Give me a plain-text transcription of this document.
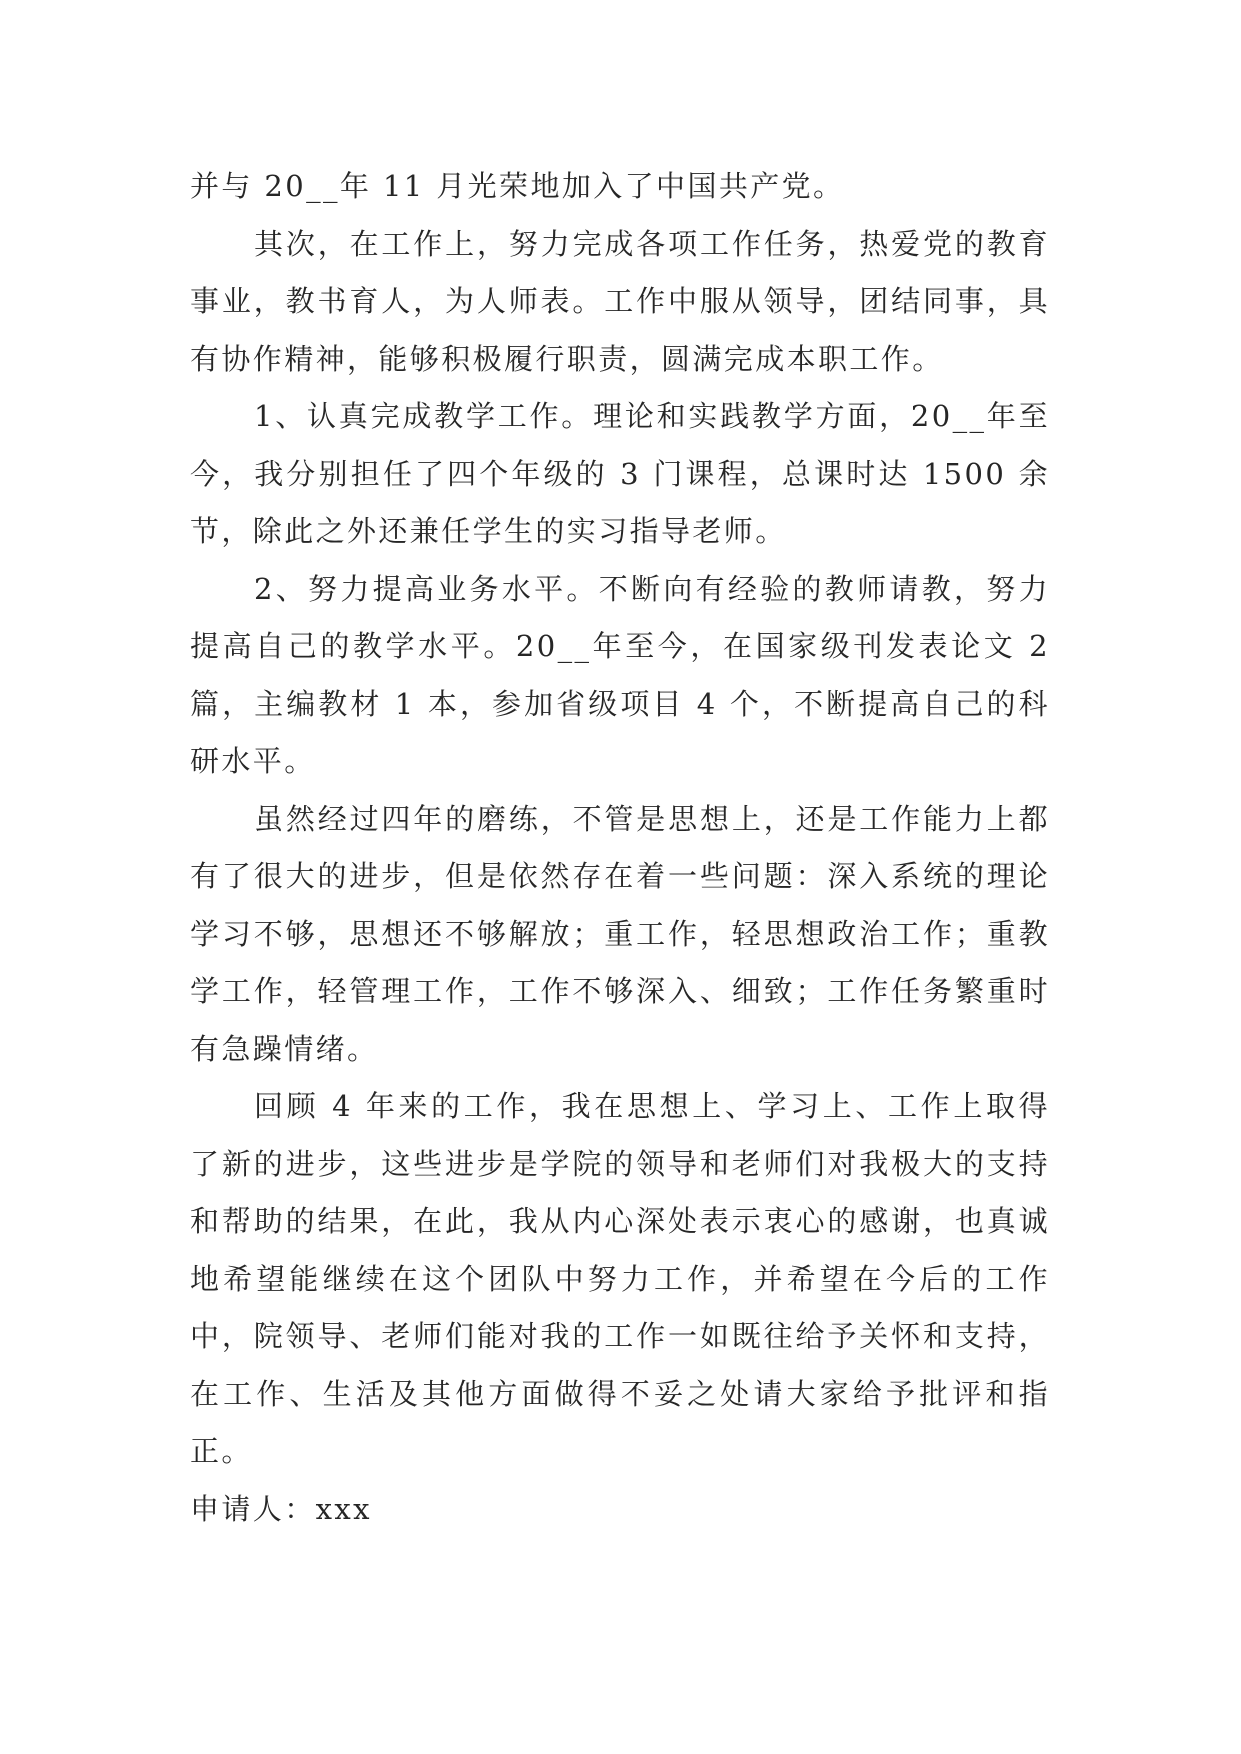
并与 20__年 11 月光荣地加入了中国共产党。

其次，在工作上，努力完成各项工作任务，热爱党的教育事业，教书育人，为人师表。工作中服从领导，团结同事，具有协作精神，能够积极履行职责，圆满完成本职工作。

1、认真完成教学工作。理论和实践教学方面，20__年至今，我分别担任了四个年级的 3 门课程，总课时达 1500 余节，除此之外还兼任学生的实习指导老师。

2、努力提高业务水平。不断向有经验的教师请教，努力提高自己的教学水平。20__年至今，在国家级刊发表论文 2 篇，主编教材 1 本，参加省级项目 4 个，不断提高自己的科研水平。

虽然经过四年的磨练，不管是思想上，还是工作能力上都有了很大的进步，但是依然存在着一些问题：深入系统的理论学习不够，思想还不够解放；重工作，轻思想政治工作；重教学工作，轻管理工作，工作不够深入、细致；工作任务繁重时有急躁情绪。

回顾 4 年来的工作，我在思想上、学习上、工作上取得了新的进步，这些进步是学院的领导和老师们对我极大的支持和帮助的结果，在此，我从内心深处表示衷心的感谢，也真诚地希望能继续在这个团队中努力工作，并希望在今后的工作中，院领导、老师们能对我的工作一如既往给予关怀和支持，在工作、生活及其他方面做得不妥之处请大家给予批评和指正。

申请人：xxx
